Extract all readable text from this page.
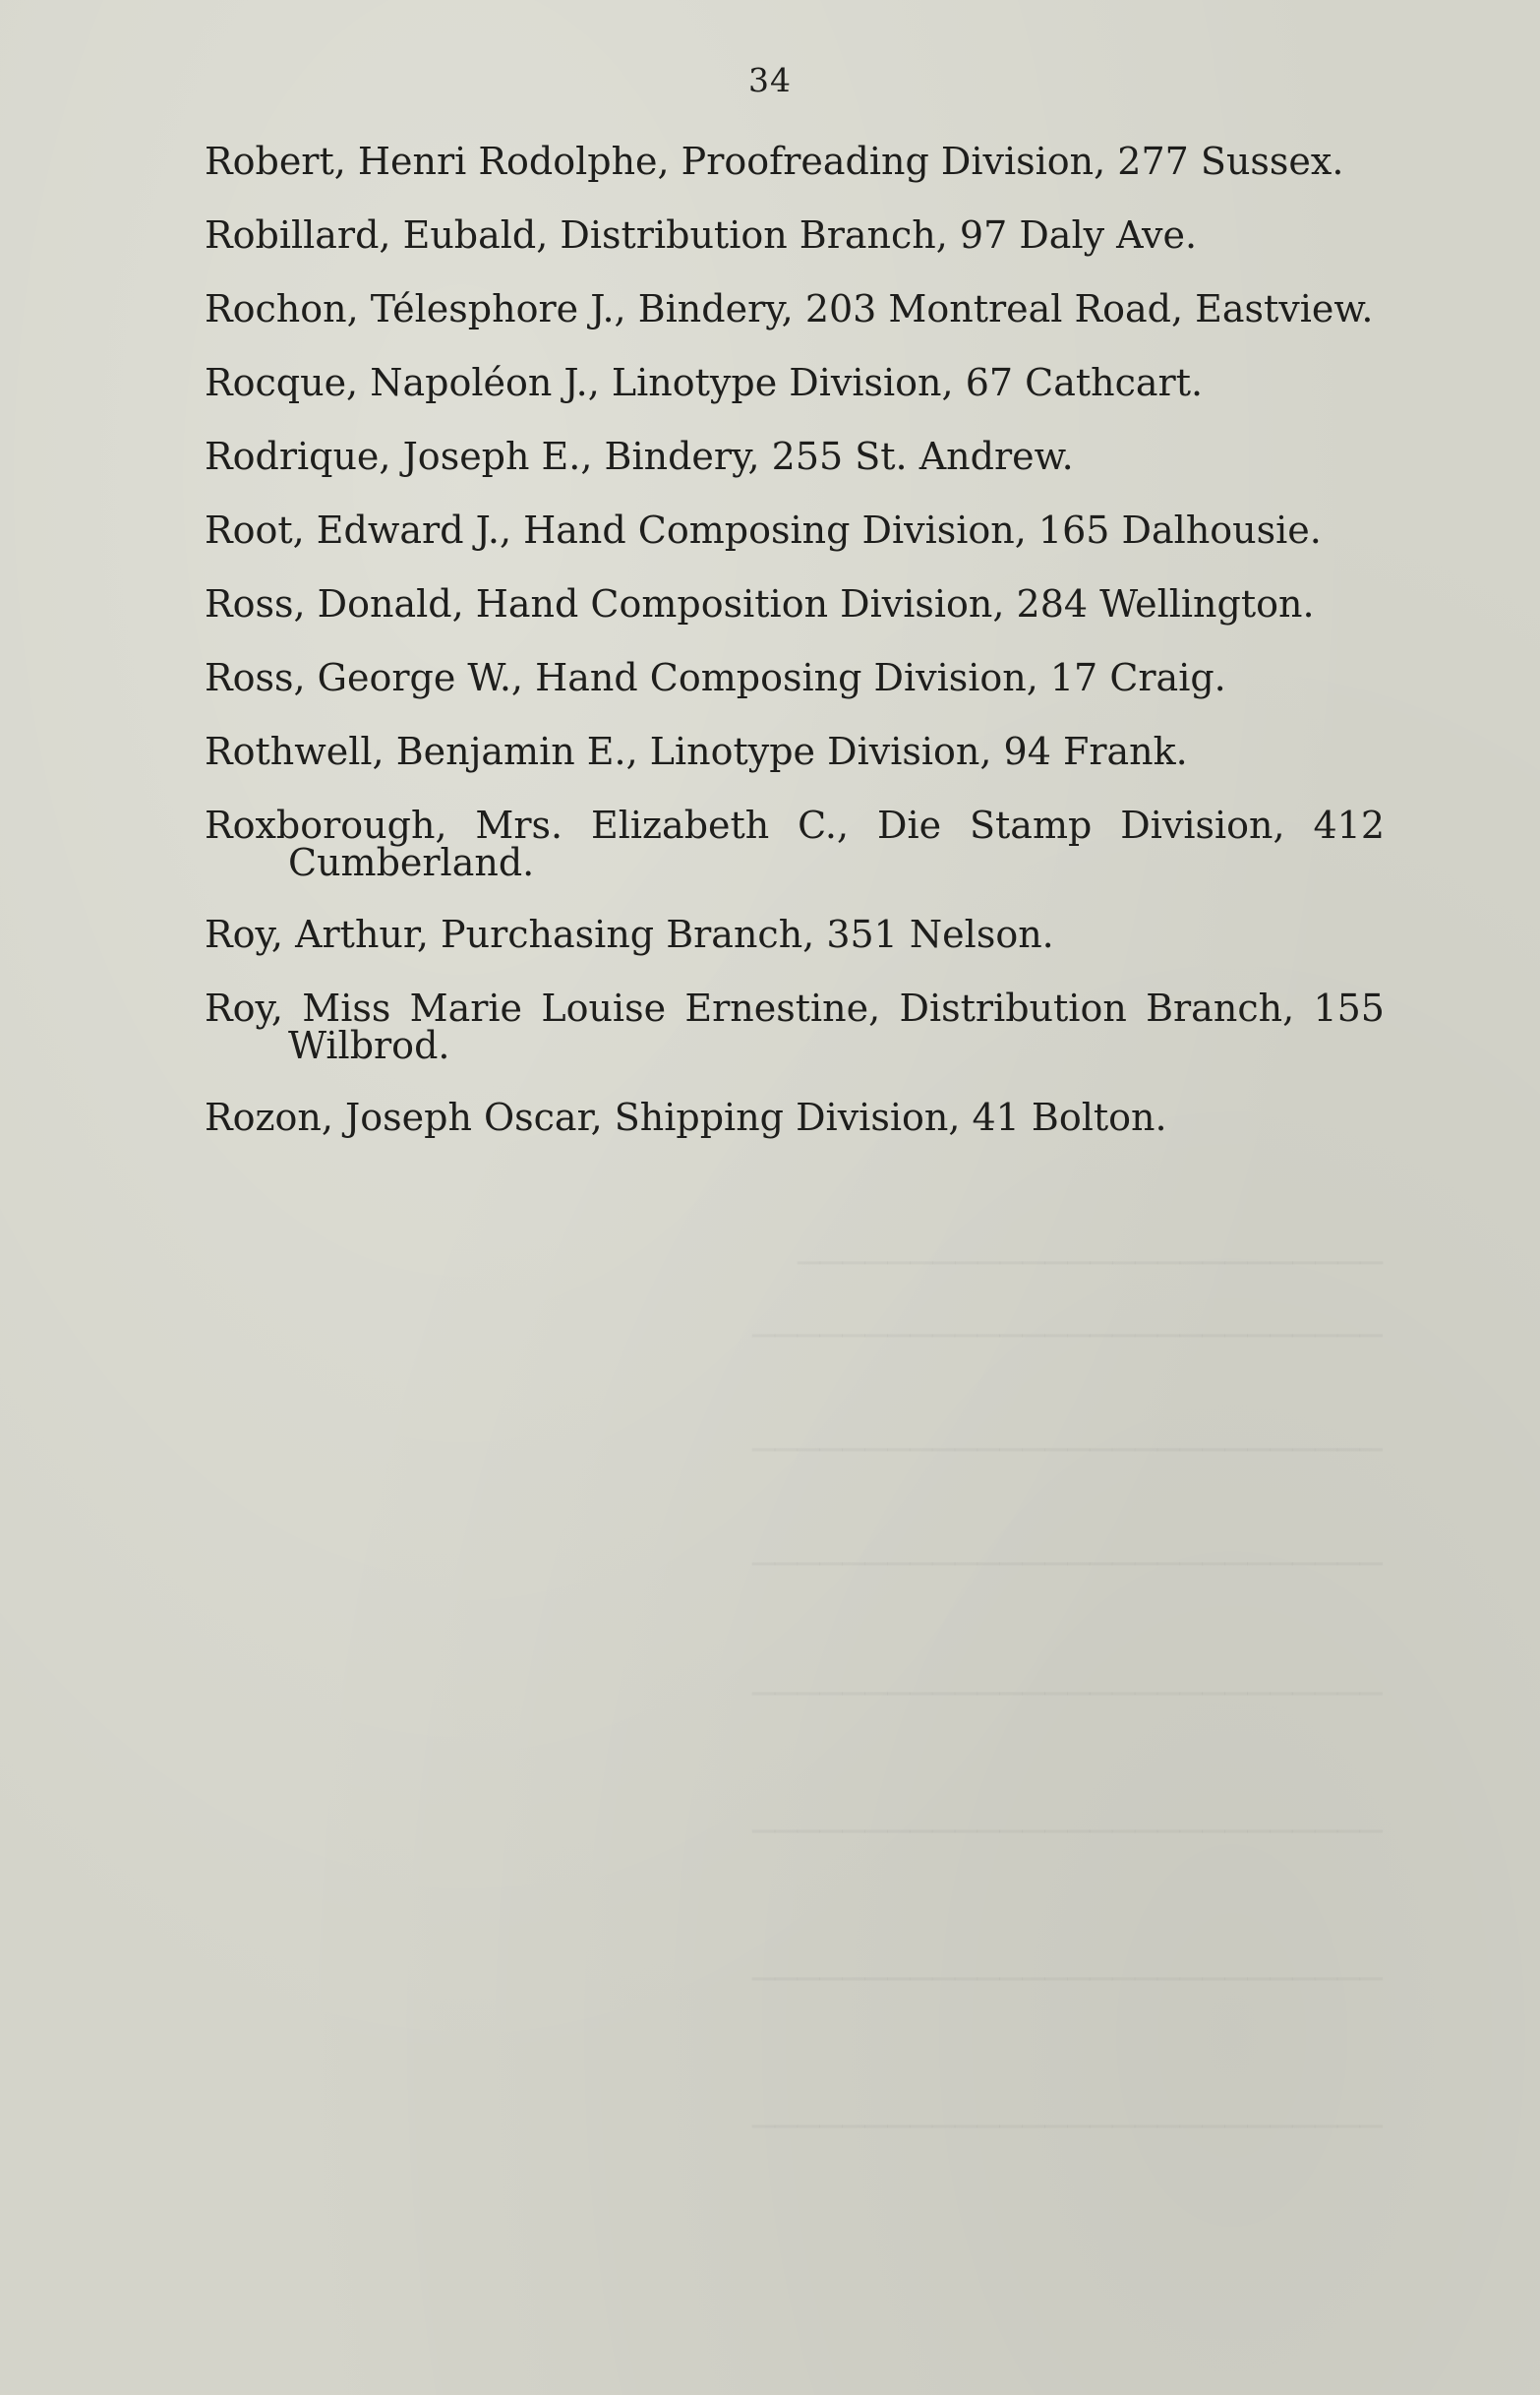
──────────────────────────
────────────────────────────
────────────────────────────
────────────────────────────
────────────────────────────
────────────────────────────
────────────────────────────
────────────────────────────
34
Robert, Henri Rodolphe, Proofreading Division, 277 Sussex.
Robillard, Eubald, Distribution Branch, 97 Daly Ave.
Rochon, Télesphore J., Bindery, 203 Montreal Road, Eastview.
Rocque, Napoléon J., Linotype Division, 67 Cathcart.
Rodrique, Joseph E., Bindery, 255 St. Andrew.
Root, Edward J., Hand Composing Division, 165 Dalhousie.
Ross, Donald, Hand Composition Division, 284 Wellington.
Ross, George W., Hand Composing Division, 17 Craig.
Rothwell, Benjamin E., Linotype Division, 94 Frank.
Roxborough, Mrs. Elizabeth C., Die Stamp Division, 412 Cumberland.
Roy, Arthur, Purchasing Branch, 351 Nelson.
Roy, Miss Marie Louise Ernestine, Distribution Branch, 155 Wilbrod.
Rozon, Joseph Oscar, Shipping Division, 41 Bolton.
